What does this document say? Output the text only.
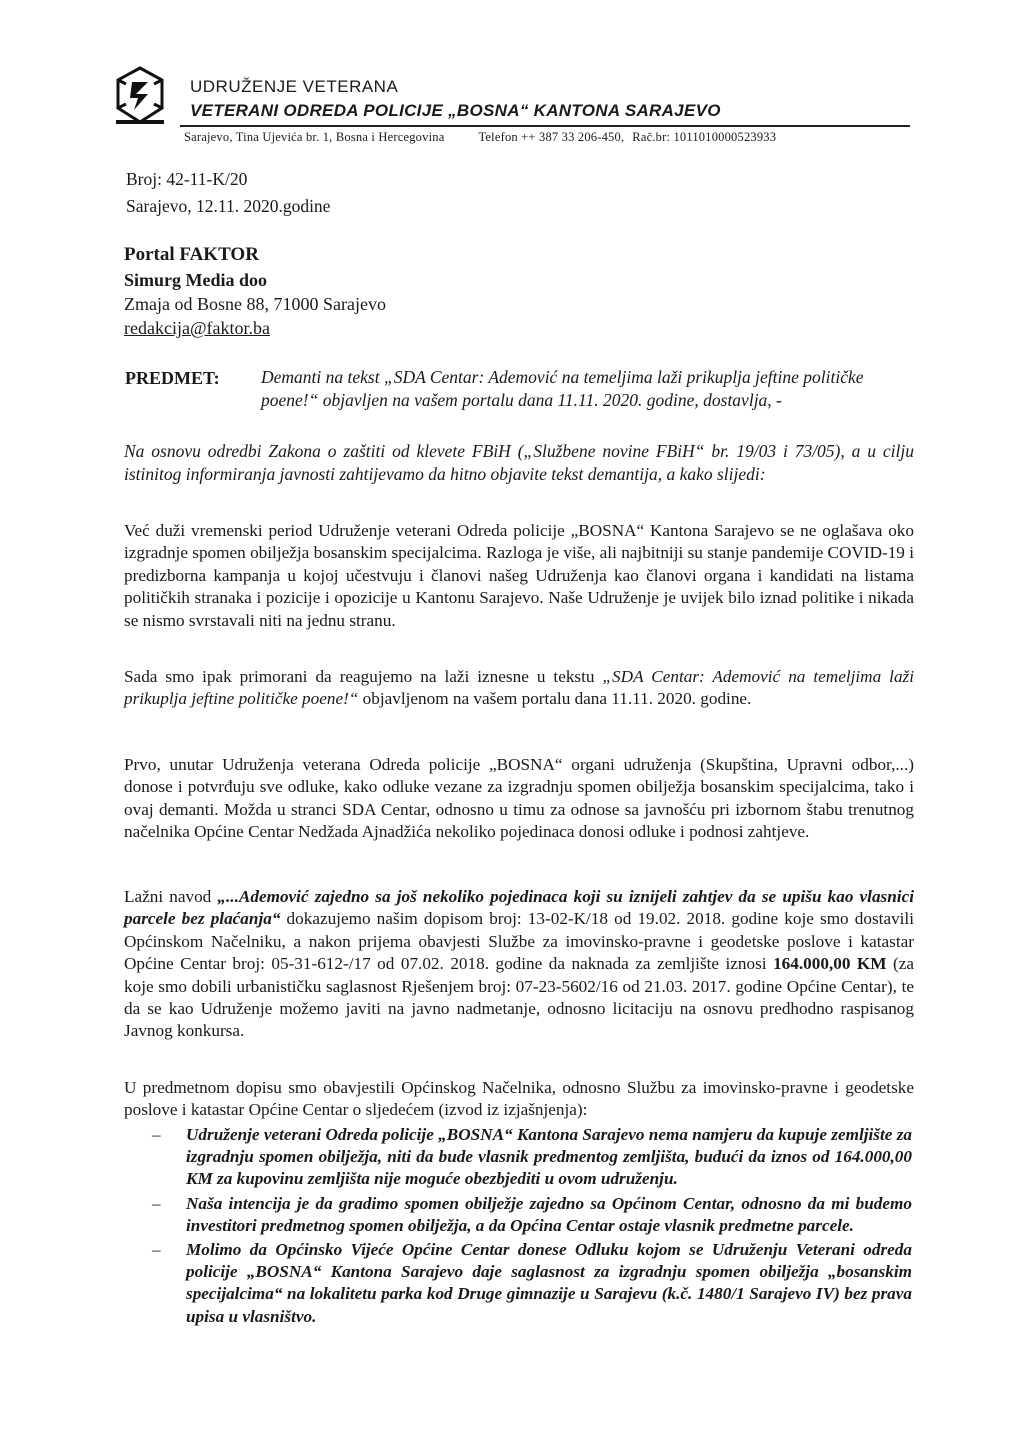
UDRUŽENJE VETERANA
VETERANI ODREDA POLICIJE „BOSNA“ KANTONA SARAJEVO
Sarajevo, Tina Ujevića br. 1, Bosna i Hercegovina	Telefon ++ 387 33 206-450, Rač.br: 1011010000523933
Broj: 42-11-K/20
Sarajevo, 12.11. 2020.godine
Portal FAKTOR
Simurg Media doo
Zmaja od Bosne 88, 71000 Sarajevo
redakcija@faktor.ba
PREDMET: Demanti na tekst „SDA Centar: Ademović na temeljima laži prikuplja jeftine političke poene!“ objavljen na vašem portalu dana 11.11. 2020. godine, dostavlja, -
Na osnovu odredbi Zakona o zaštiti od klevete FBiH („Službene novine FBiH“ br. 19/03 i 73/05), a u cilju istinitog informiranja javnosti zahtijevamo da hitno objavite tekst demantija, a kako slijedi:
Već duži vremenski period Udruženje veterani Odreda policije „BOSNA“ Kantona Sarajevo se ne oglašava oko izgradnje spomen obilježja bosanskim specijalcima. Razloga je više, ali najbitniji su stanje pandemije COVID-19 i predizborna kampanja u kojoj učestvuju i članovi našeg Udruženja kao članovi organa i kandidati na listama političkih stranaka i pozicije i opozicije u Kantonu Sarajevo. Naše Udruženje je uvijek bilo iznad politike i nikada se nismo svrstavali niti na jednu stranu.
Sada smo ipak primorani da reagujemo na laži iznesne u tekstu „SDA Centar: Ademović na temeljima laži prikuplja jeftine političke poene!“ objavljenom na vašem portalu dana 11.11. 2020. godine.
Prvo, unutar Udruženja veterana Odreda policije „BOSNA“ organi udruženja (Skupština, Upravni odbor,...) donose i potvrđuju sve odluke, kako odluke vezane za izgradnju spomen obilježja bosanskim specijalcima, tako i ovaj demanti. Možda u stranci SDA Centar, odnosno u timu za odnose sa javnošću pri izbornom štabu trenutnog načelnika Općine Centar Nedžada Ajnadžića nekoliko pojedinaca donosi odluke i podnosi zahtjeve.
Lažni navod „...Ademović zajedno sa još nekoliko pojedinaca koji su iznijeli zahtjev da se upišu kao vlasnici parcele bez plaćanja“ dokazujemo našim dopisom broj: 13-02-K/18 od 19.02. 2018. godine koje smo dostavili Općinskom Načelniku, a nakon prijema obavjesti Službe za imovinsko-pravne i geodetske poslove i katastar Općine Centar broj: 05-31-612-/17 od 07.02. 2018. godine da naknada za zemljište iznosi 164.000,00 KM (za koje smo dobili urbanističku saglasnost Rješenjem broj: 07-23-5602/16 od 21.03. 2017. godine Općine Centar), te da se kao Udruženje možemo javiti na javno nadmetanje, odnosno licitaciju na osnovu predhodno raspisanog Javnog konkursa.
U predmetnom dopisu smo obavjestili Općinskog Načelnika, odnosno Službu za imovinsko-pravne i geodetske poslove i katastar Općine Centar o sljedećem (izvod iz izjašnjenja):
– Udruženje veterani Odreda policije „BOSNA“ Kantona Sarajevo nema namjeru da kupuje zemljište za izgradnju spomen obilježja, niti da bude vlasnik predmentog zemljišta, budući da iznos od 164.000,00 KM za kupovinu zemljišta nije moguće obezbjediti u ovom udruženju.
– Naša intencija je da gradimo spomen obilježje zajedno sa Općinom Centar, odnosno da mi budemo investitori predmetnog spomen obilježja, a da Općina Centar ostaje vlasnik predmetne parcele.
– Molimo da Općinsko Vijeće Općine Centar donese Odluku kojom se Udruženju Veterani odreda policije „BOSNA“ Kantona Sarajevo daje saglasnost za izgradnju spomen obilježja „bosanskim specijalcima“ na lokalitetu parka kod Druge gimnazije u Sarajevu (k.č. 1480/1 Sarajevo IV) bez prava upisa u vlasništvo.
